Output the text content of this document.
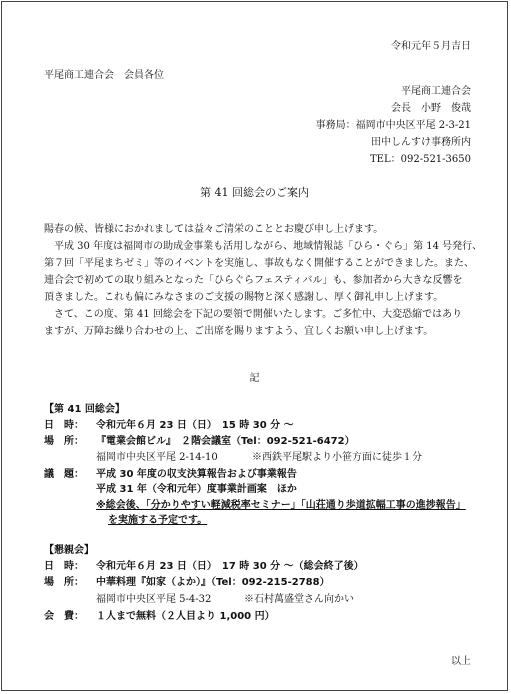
令和元年５月吉日
平尾商工連合会　会員各位
平尾商工連合会
会長　小野　俊哉
事務局：福岡市中央区平尾 2-3-21
田中しんすけ事務所内
TEL：092-521-3650
第 41 回総会のご案内
陽春の候、皆様におかれましては益々ご清栄のこととお慶び申し上げます。
　平成 30 年度は福岡市の助成金事業も活用しながら、地域情報誌「ひら・ぐら」第 14 号発行、
第７回「平尾まちゼミ」等のイベントを実施し、事故もなく開催することができました。また、
連合会で初めての取り組みとなった「ひらぐらフェスティバル」も、参加者から大きな反響を
頂きました。これも偏にみなさまのご支援の賜物と深く感謝し、厚く御礼申し上げます。
　さて、この度、第 41 回総会を下記の要領で開催いたします。ご多忙中、大変恐縮ではあり
ますが、万障お繰り合わせの上、ご出席を賜りますよう、宜しくお願い申し上げます。
記
【第 41 回総会】
日　時： 令和元年６月 23 日（日）　15 時 30 分 〜
場　所： 『電業会館ビル』　２階会議室（Tel：092-521-6472）
福岡市中央区平尾 2-14-10	※西鉄平尾駅より小笹方面に徒歩１分
議　題： 平成 30 年度の収支決算報告および事業報告
平成 31 年（令和元年）度事業計画案　ほか
※総会後、「分かりやすい軽減税率セミナー」「山荘通り歩道拡幅工事の進捗報告」
を実施する予定です。
【懇親会】
日　時： 令和元年６月 23 日（日）　17 時 30 分 〜（総会終了後）
場　所： 中華料理『如家（よか）』（Tel：092-215-2788）
福岡市中央区平尾 5-4-32	※石村萬盛堂さん向かい
会　費： １人まで無料（２人目より 1,000 円）
以上
